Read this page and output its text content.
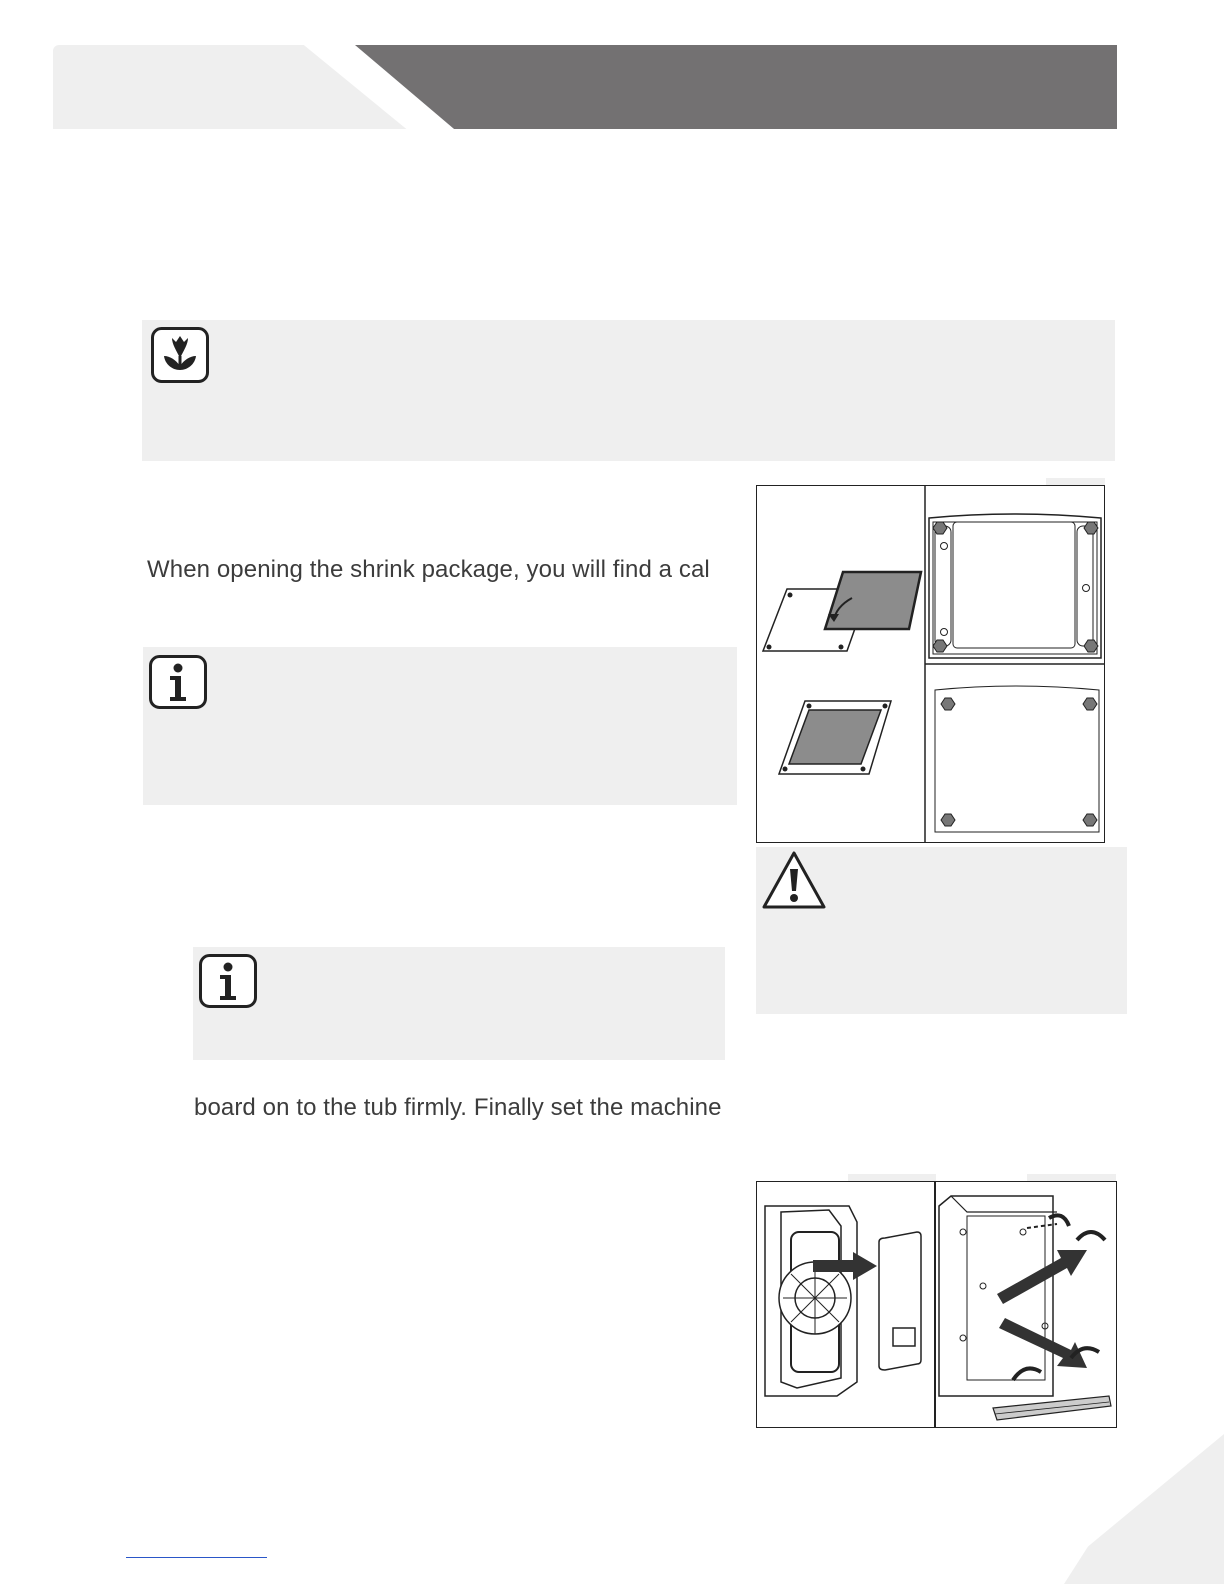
When opening the shrink package, you will find a cal
board on to the tub firmly. Finally set the machine
